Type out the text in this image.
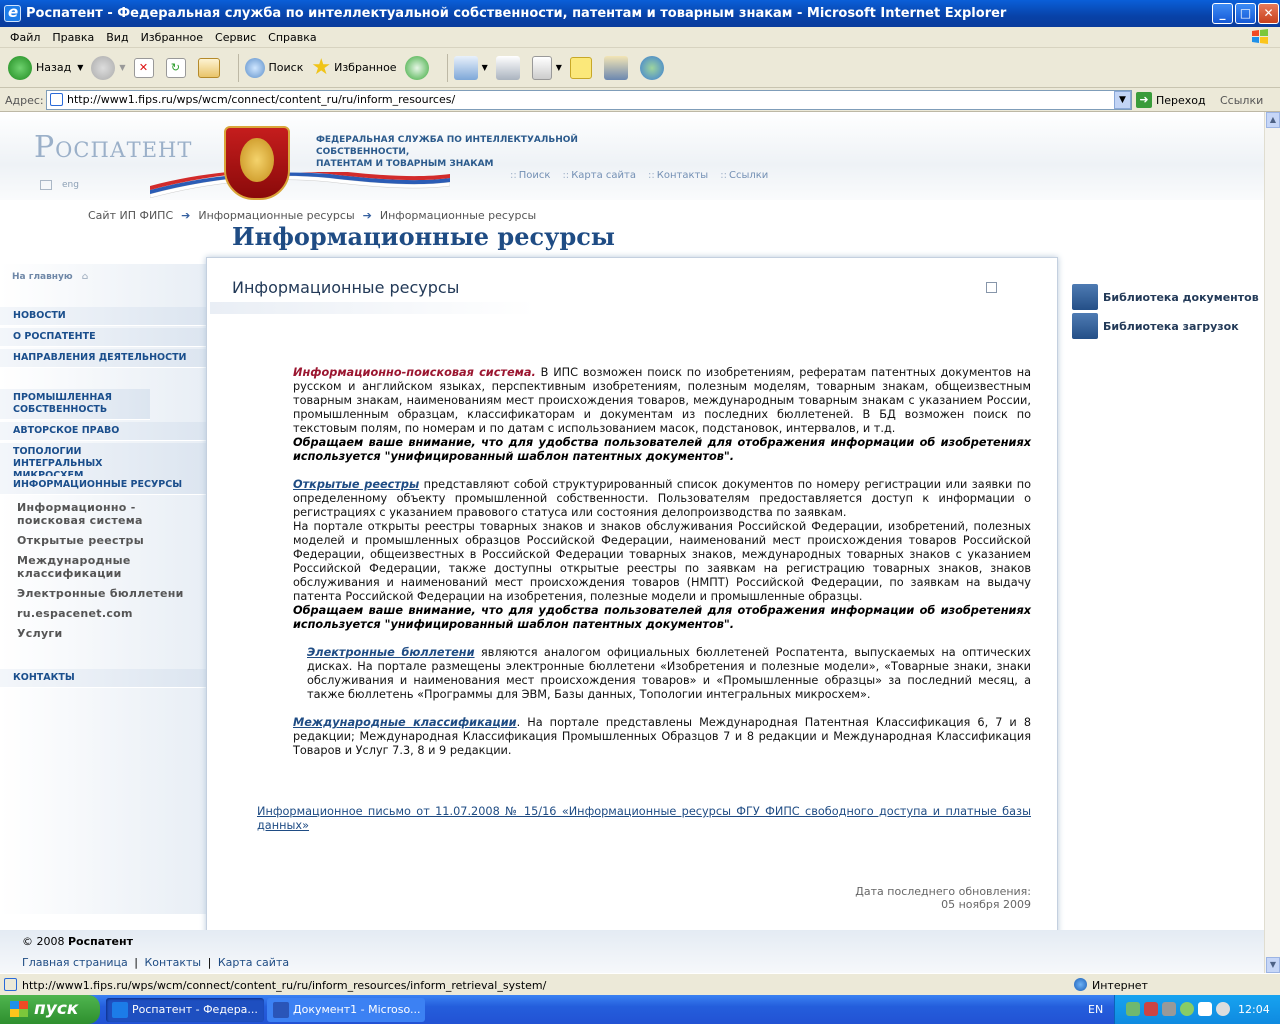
e
Роспатент - Федеральная служба по интеллектуальной собственности, патентам и товарным знакам - Microsoft Internet Explorer	_	□	✕
Файл	Правка	Вид	Избранное	Сервис	Справка
Назад ▼	▼	✕	↻	Поиск ★ Избранное	▼	▼
Адрес:	http://www1.fips.ru/wps/wcm/connect/content_ru/ru/inform_resources/	▼	➜ Переход Ссылки
Роспатент	ФЕДЕРАЛЬНАЯ СЛУЖБА ПО ИНТЕЛЛЕКТУАЛЬНОЙ СОБСТВЕННОСТИ,
ПАТЕНТАМ И ТОВАРНЫМ ЗНАКАМ
:: Поиск	:: Карта сайта	:: Контакты	:: Ссылки
eng
Сайт ИП ФИПС ➔ Информационные ресурсы ➔ Информационные ресурсы
Информационные ресурсы
На главную ⌂
НОВОСТИ
О РОСПАТЕНТЕ
НАПРАВЛЕНИЯ ДЕЯТЕЛЬНОСТИ
ПРОМЫШЛЕННАЯ СОБСТВЕННОСТЬ
АВТОРСКОЕ ПРАВО
ТОПОЛОГИИ ИНТЕГРАЛЬНЫХ
ИНФОРМАЦИОННЫЕ РЕСУРСЫ
Информационно - поисковая система
Открытые реестры
Международные классификации
Электронные бюллетени
ru.espacenet.com
Услуги
КОНТАКТЫ
Информационные ресурсы

Информационно-поисковая система. В ИПС возможен поиск по изобретениям, рефератам патентных документов на русском и английском языках, перспективным изобретениям, полезным моделям, товарным знакам, общеизвестным товарным знакам, наименованиям мест происхождения товаров, международным товарным знакам с указанием России, промышленным образцам, классификаторам и документам из последних бюллетеней. В БД возможен поиск по текстовым полям, по номерам и по датам с использованием масок, подстановок, интервалов, и т.д.

Обращаем ваше внимание, что для удобства пользователей для отображения информации об изобретениях используется "унифицированный шаблон патентных документов".

Открытые реестры представляют собой структурированный список документов по номеру регистрации или заявки по определенному объекту промышленной собственности. Пользователям предоставляется доступ к информации о регистрациях с указанием правового статуса или состояния делопроизводства по заявкам.

На портале открыты реестры товарных знаков и знаков обслуживания Российской Федерации, изобретений, полезных моделей и промышленных образцов Российской Федерации, наименований мест происхождения товаров Российской Федерации, общеизвестных в Российской Федерации товарных знаков, международных товарных знаков с указанием Российской Федерации, также доступны открытые реестры по заявкам на регистрацию товарных знаков, знаков обслуживания и наименований мест происхождения товаров (НМПТ) Российской Федерации, по заявкам на выдачу патента Российской Федерации на изобретения, полезные модели и промышленные образцы.

Обращаем ваше внимание, что для удобства пользователей для отображения информации об изобретениях используется "унифицированный шаблон патентных документов".

Электронные бюллетени являются аналогом официальных бюллетеней Роспатента, выпускаемых на оптических дисках. На портале размещены электронные бюллетени «Изобретения и полезные модели», «Товарные знаки, знаки обслуживания и наименования мест происхождения товаров» и «Промышленные образцы» за последний месяц, а также бюллетень «Программы для ЭВМ, Базы данных, Топологии интегральных микросхем».

Международные классификации. На портале представлены Международная Патентная Классификация 6, 7 и 8 редакции; Международная Классификация Промышленных Образцов 7 и 8 редакции и Международная Классификация Товаров и Услуг 7.3, 8 и 9 редакции.

Информационное письмо от 11.07.2008 № 15/16 «Информационные ресурсы ФГУ ФИПС свободного доступа и платные базы данных»
Дата последнего обновления:
05 ноября 2009
Библиотека документов
Библиотека загрузок
© 2008 Роспатент
Главная страница | Контакты | Карта сайта
▲
▼
http://www1.fips.ru/wps/wcm/connect/content_ru/ru/inform_resources/inform_retrieval_system/	Интернет
пуск	Роспатент - Федера...	Документ1 - Microso...	EN	12:04
